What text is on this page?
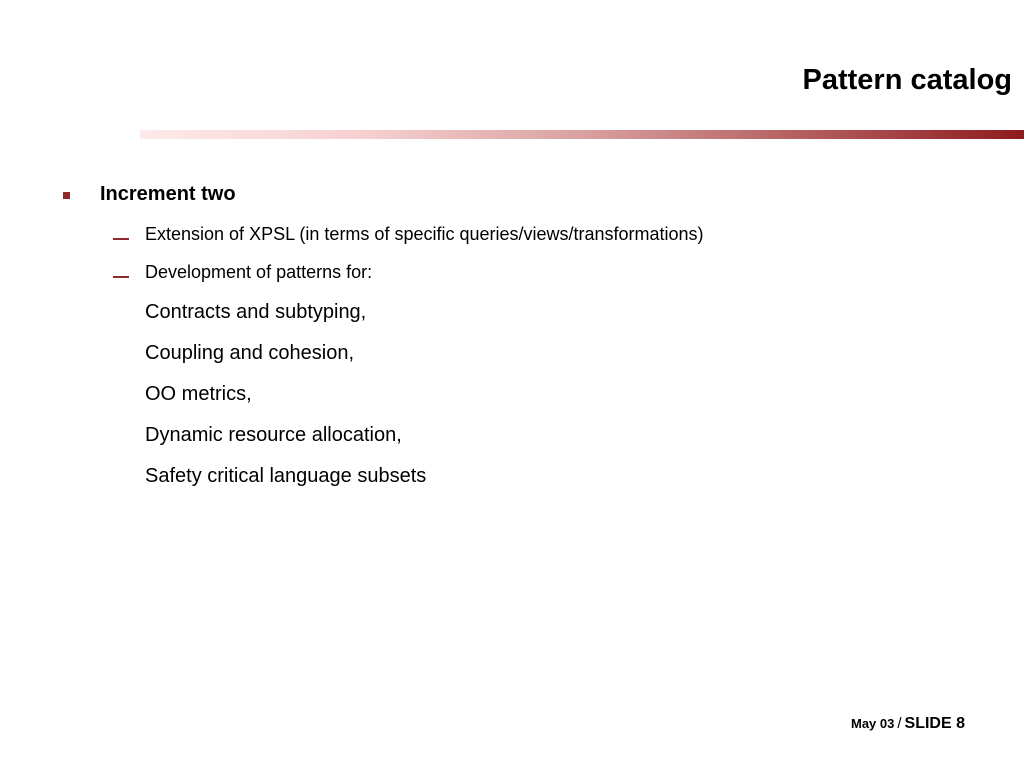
Pattern catalog
Increment two
Extension of XPSL (in terms of specific queries/views/transformations)
Development of patterns for:
Contracts and subtyping,
Coupling and cohesion,
OO metrics,
Dynamic resource allocation,
Safety critical language subsets
May 03 / SLIDE 8
